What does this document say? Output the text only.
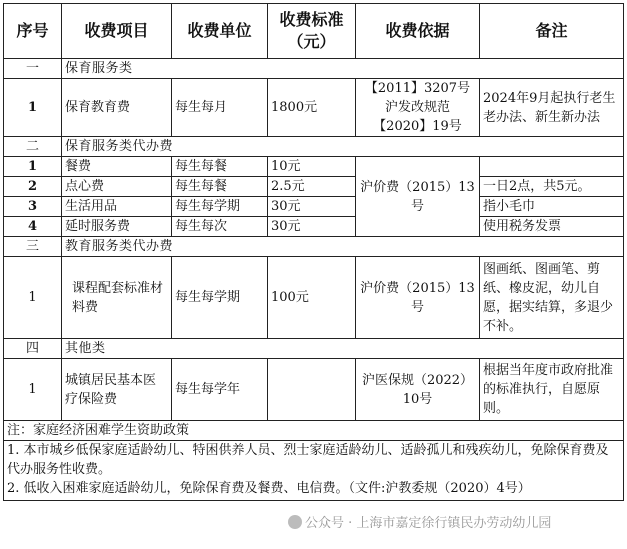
序号	收费项目	收费单位	收费标准（元）	收费依据	备注
一	保育服务类				
1	保育教育费	每生每月	1800元	【2011】3207号沪发改规范【2020】19号	2024年9月起执行老生老办法、新生新办法
二	保育服务类代办费				
1	餐费	每生每餐	10元	沪价费（2015）13号	
2	点心费	每生每餐	2.5元		一日2点，共5元。
3	生活用品	每生每学期	30元		指小毛巾
4	延时服务费	每生每次	30元		使用税务发票
三	教育服务类代办费				
1	课程配套标准材料费	每生每学期	100元	沪价费（2015）13号	图画纸、图画笔、剪纸、橡皮泥，幼儿自愿，据实结算，多退少不补。
四	其他类				
1	城镇居民基本医疗保险费	每生每学年		沪医保规（2022）10号	根据当年度市政府批准的标准执行，自愿原则。
注：家庭经济困难学生资助政策					

1. 本市城乡低保家庭适龄幼儿、特困供养人员、烈士家庭适龄幼儿、适龄孤儿和残疾幼儿，免除保育费及代办服务性收费。
2. 低收入困难家庭适龄幼儿，免除保育费及餐费、电信费。（文件:沪教委规（2020）4号）					
公众号 · 上海市嘉定徐行镇民办劳动幼儿园
